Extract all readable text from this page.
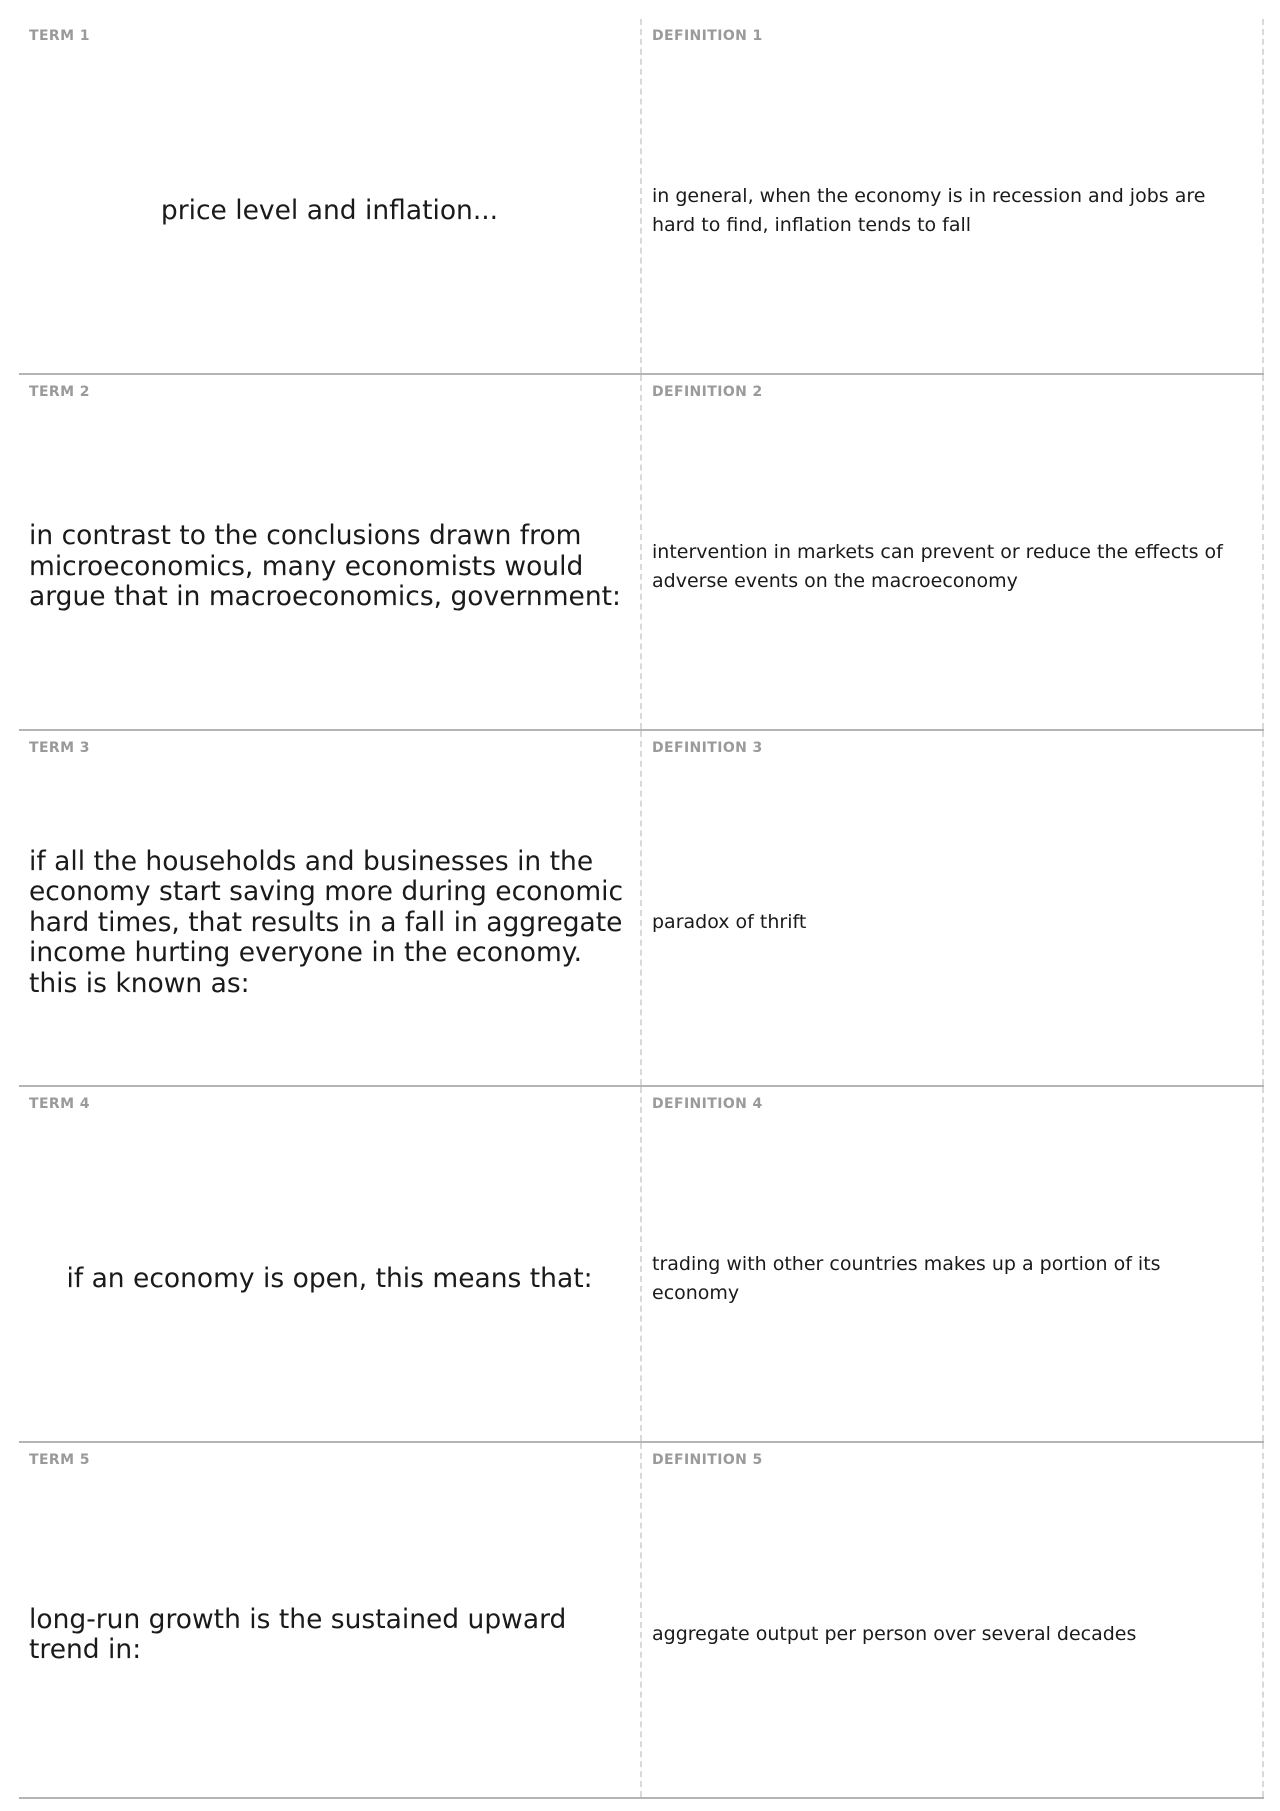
TERM 1
price level and inflation...
DEFINITION 1
in general, when the economy is in recession and jobs are hard to find, inflation tends to fall
TERM 2
in contrast to the conclusions drawn from microeconomics, many economists would argue that in macroeconomics, government:
DEFINITION 2
intervention in markets can prevent or reduce the effects of adverse events on the macroeconomy
TERM 3
if all the households and businesses in the economy start saving more during economic hard times, that results in a fall in aggregate income hurting everyone in the economy. this is known as:
DEFINITION 3
paradox of thrift
TERM 4
if an economy is open, this means that:
DEFINITION 4
trading with other countries makes up a portion of its economy
TERM 5
long-run growth is the sustained upward trend in:
DEFINITION 5
aggregate output per person over several decades
